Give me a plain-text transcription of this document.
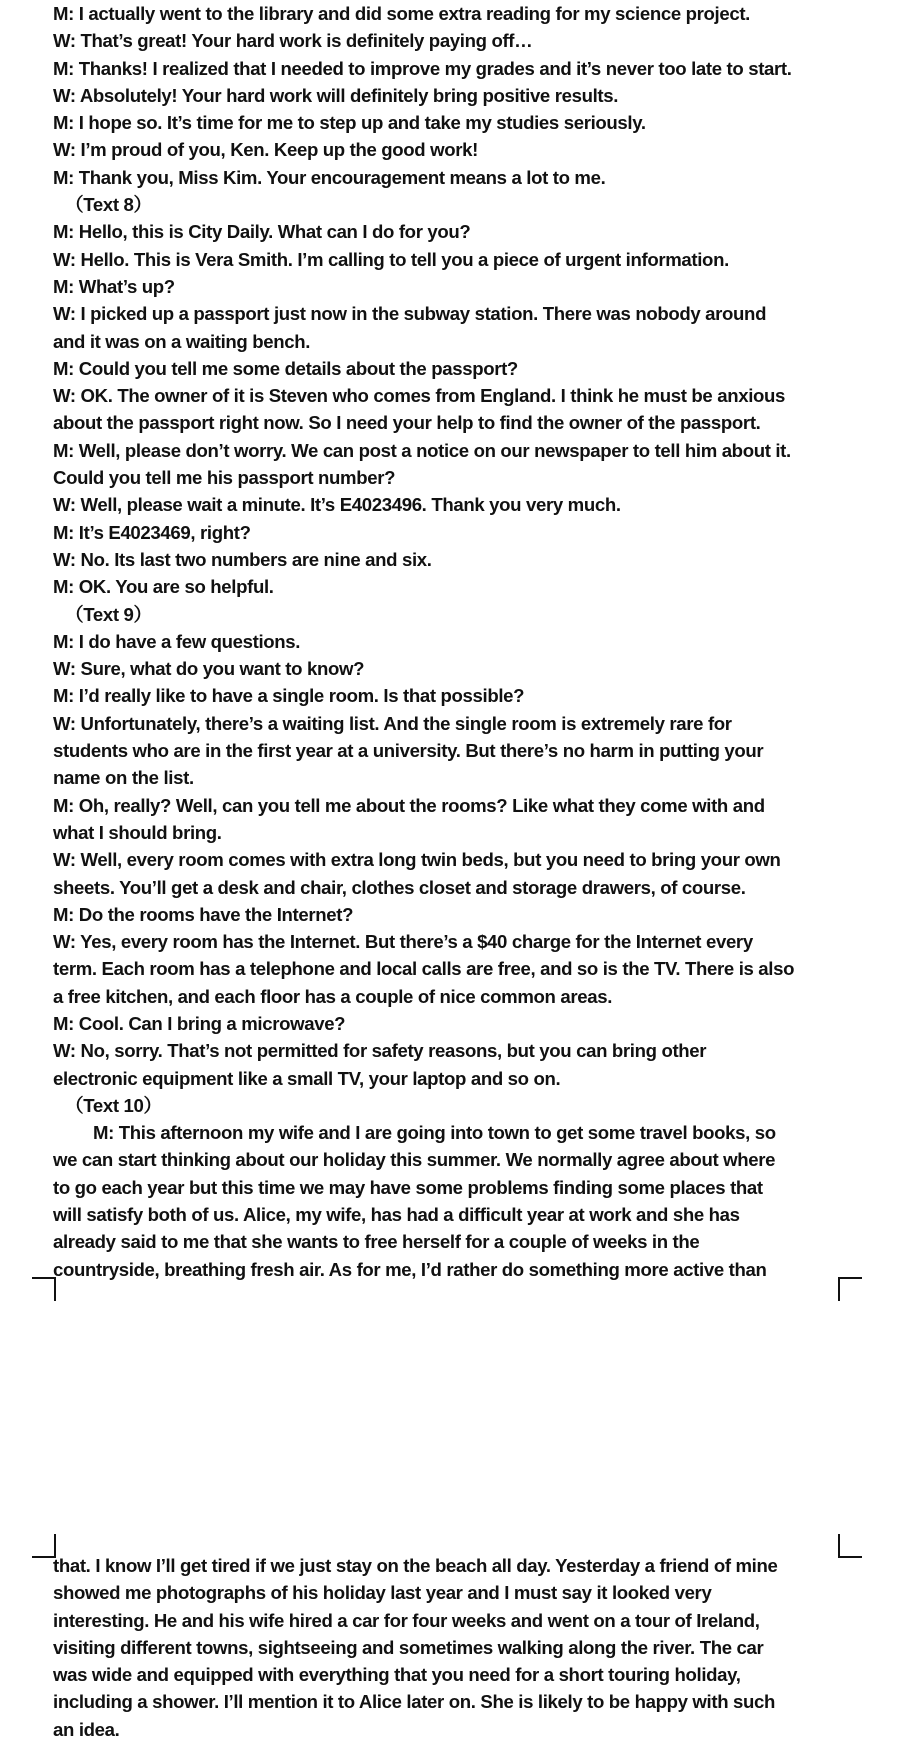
M: I actually went to the library and did some extra reading for my science project.
W: That’s great! Your hard work is definitely paying off…
M: Thanks! I realized that I needed to improve my grades and it’s never too late to start.
W: Absolutely! Your hard work will definitely bring positive results.
M: I hope so. It’s time for me to step up and take my studies seriously.
W: I’m proud of you, Ken. Keep up the good work!
M: Thank you, Miss Kim. Your encouragement means a lot to me.
（Text 8）
M: Hello, this is City Daily. What can I do for you?
W: Hello. This is Vera Smith. I’m calling to tell you a piece of urgent information.
M: What’s up?
W: I picked up a passport just now in the subway station. There was nobody around
and it was on a waiting bench.
M: Could you tell me some details about the passport?
W: OK. The owner of it is Steven who comes from England. I think he must be anxious
about the passport right now. So I need your help to find the owner of the passport.
M: Well, please don’t worry. We can post a notice on our newspaper to tell him about it.
Could you tell me his passport number?
W: Well, please wait a minute. It’s E4023496. Thank you very much.
M: It’s E4023469, right?
W: No. Its last two numbers are nine and six.
M: OK. You are so helpful.
（Text 9）
M: I do have a few questions.
W: Sure, what do you want to know?
M: I’d really like to have a single room. Is that possible?
W: Unfortunately, there’s a waiting list. And the single room is extremely rare for
students who are in the first year at a university. But there’s no harm in putting your
name on the list.
M: Oh, really? Well, can you tell me about the rooms? Like what they come with and
what I should bring.
W: Well, every room comes with extra long twin beds, but you need to bring your own
sheets. You’ll get a desk and chair, clothes closet and storage drawers, of course.
M: Do the rooms have the Internet?
W: Yes, every room has the Internet. But there’s a $40 charge for the Internet every
term. Each room has a telephone and local calls are free, and so is the TV. There is also
a free kitchen, and each floor has a couple of nice common areas.
M: Cool. Can I bring a microwave?
W: No, sorry. That’s not permitted for safety reasons, but you can bring other
electronic equipment like a small TV, your laptop and so on.
（Text 10）
M: This afternoon my wife and I are going into town to get some travel books, so
we can start thinking about our holiday this summer. We normally agree about where
to go each year but this time we may have some problems finding some places that
will satisfy both of us. Alice, my wife, has had a difficult year at work and she has
already said to me that she wants to free herself for a couple of weeks in the
countryside, breathing fresh air. As for me, I’d rather do something more active than
that. I know I’ll get tired if we just stay on the beach all day. Yesterday a friend of mine
showed me photographs of his holiday last year and I must say it looked very
interesting. He and his wife hired a car for four weeks and went on a tour of Ireland,
visiting different towns, sightseeing and sometimes walking along the river. The car
was wide and equipped with everything that you need for a short touring holiday,
including a shower. I’ll mention it to Alice later on. She is likely to be happy with such
an idea.
